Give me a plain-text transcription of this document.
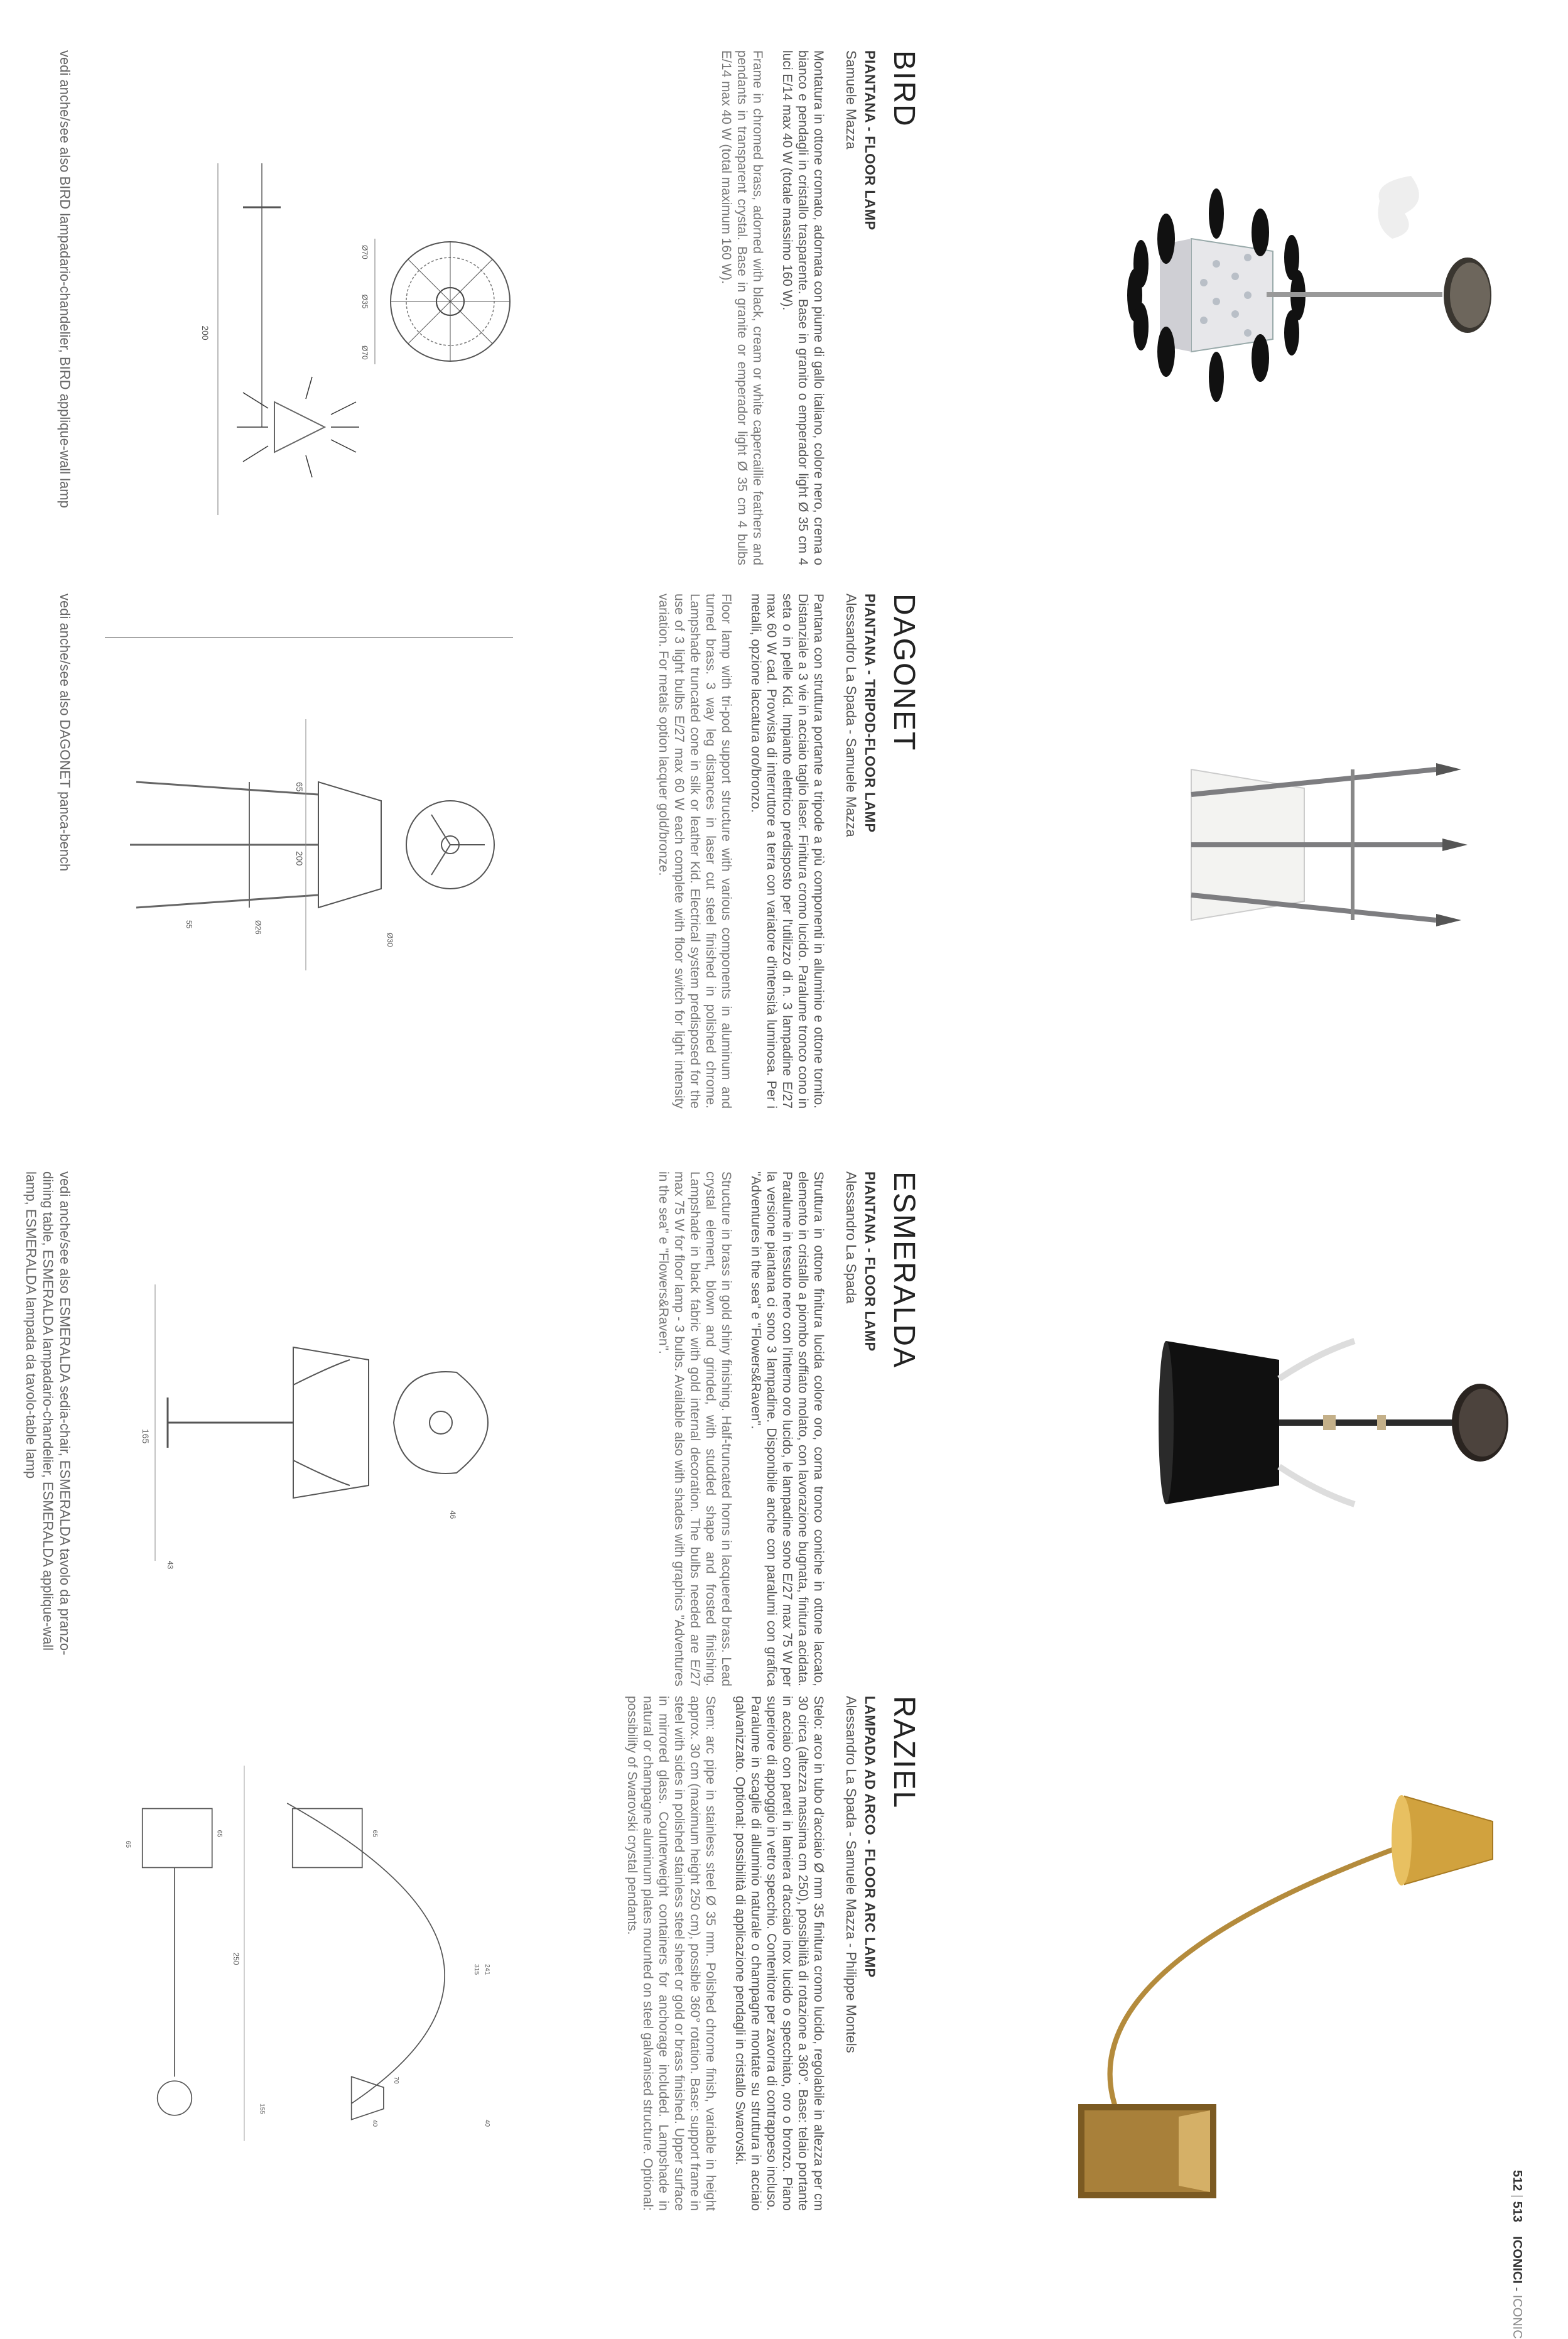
BIRD
PIANTANA - FLOOR LAMP
Samuele Mazza
Montatura in ottone cromato, adornata con piume di gallo italiano, colore nero, crema o bianco e pendagli in cristallo trasparente. Base in granito o emperador light Ø 35 cm 4 luci E/14 max 40 W (totale massimo 160 W).
Frame in chromed brass, adorned with black, cream or white capercaillie feathers and pendants in transparent crystal. Base in granite or emperador light Ø 35 cm 4 bulbs E/14 max 40 W (total maximum 160 W).
200
Ø70
Ø35
Ø70
vedi anche/see also BIRD lampadario-chandelier, BIRD applique-wall lamp
DAGONET
PIANTANA - TRIPOD-FLOOR LAMP
Alessandro La Spada - Samuele Mazza
Pantana con struttura portante a tripode a più componenti in alluminio e ottone tornito. Distanziale a 3 vie in acciaio taglio laser. Finitura cromo lucido. Paralume tronco cono in seta o in pelle Kid. Impianto elettrico predisposto per l'utilizzo di n. 3 lampadine E/27 max 60 W cad. Provvista di interruttore a terra con variatore d'intensità luminosa. Per i metalli, opzione laccatura oro/bronzo.
Floor lamp with tri-pod support structure with various components in aluminum and turned brass. 3 way leg distances in laser cut steel finished in polished chrome. Lampshade truncated cone in silk or leather Kid. Electrical system predisposed for the use of 3 light bulbs E/27 max 60 W each complete with floor switch for light intensity variation. For metals option lacquer gold/bronze.
65
200
Ø30
Ø26
55
vedi anche/see also DAGONET panca-bench
ESMERALDA
PIANTANA - FLOOR LAMP
Alessandro La Spada
Struttura in ottone finitura lucida colore oro, corna tronco coniche in ottone laccato, elemento in cristallo a piombo soffiato molato, con lavorazione bugnata, finitura acidata. Paralume in tessuto nero con l'interno oro lucido, le lampadine sono E/27 max 75 W per la versione piantana ci sono 3 lampadine. Disponibile anche con paralumi con grafica "Adventures in the sea" e "Flowers&Raven".
Structure in brass in gold shiny finishing. Half-truncated horns in lacquered brass. Lead crystal element, blown and grinded, with studded shape and frosted finishing. Lampshade in black fabric with gold internal decoration. The bulbs needed are E/27 max 75 W for floor lamp - 3 bulbs. Available also with shades with graphics "Adventures in the sea" e "Flowers&Raven".
165
43
46
vedi anche/see also ESMERALDA sedia-chair, ESMERALDA tavolo da pranzo-dining table, ESMERALDA lampadario-chandelier, ESMERALDA applique-wall lamp, ESMERALDA lampada da tavolo-table lamp
RAZIEL
LAMPADA AD ARCO - FLOOR ARC LAMP
Alessandro La Spada - Samuele Mazza - Philippe Montels
Stelo: arco in tubo d'acciaio Ø mm 35 finitura cromo lucido, regolabile in altezza per cm 30 circa (altezza massima cm 250), possibilità di rotazione a 360°. Base: telaio portante in acciaio con pareti in lamiera d'acciaio inox lucido o specchiato, oro o bronzo. Piano superiore di appoggio in vetro specchio. Contenitore per zavorra di contrappeso incluso. Paralume in scaglie di alluminio naturale o champagne montate su struttura in acciaio galvanizzato. Optional: possibilità di applicazione pendagli in cristallo Swarovski.
Stem: arc pipe in stainless steel Ø 35 mm. Polished chrome finish, variable in height approx. 30 cm (maximum height 250 cm), possible 360° rotation. Base: support frame in steel with sides in polished stainless steel sheet or gold or brass finished. Upper surface in mirrored glass. Counterweight containers for anchorage included. Lampshade in natural or champagne aluminum plates mounted on steel galvanised structure. Optional: possibility of Swarovski crystal pendants.
250
155
70
40
241
315
40
65
65
65
512 | 513    ICONICI - ICONIC
